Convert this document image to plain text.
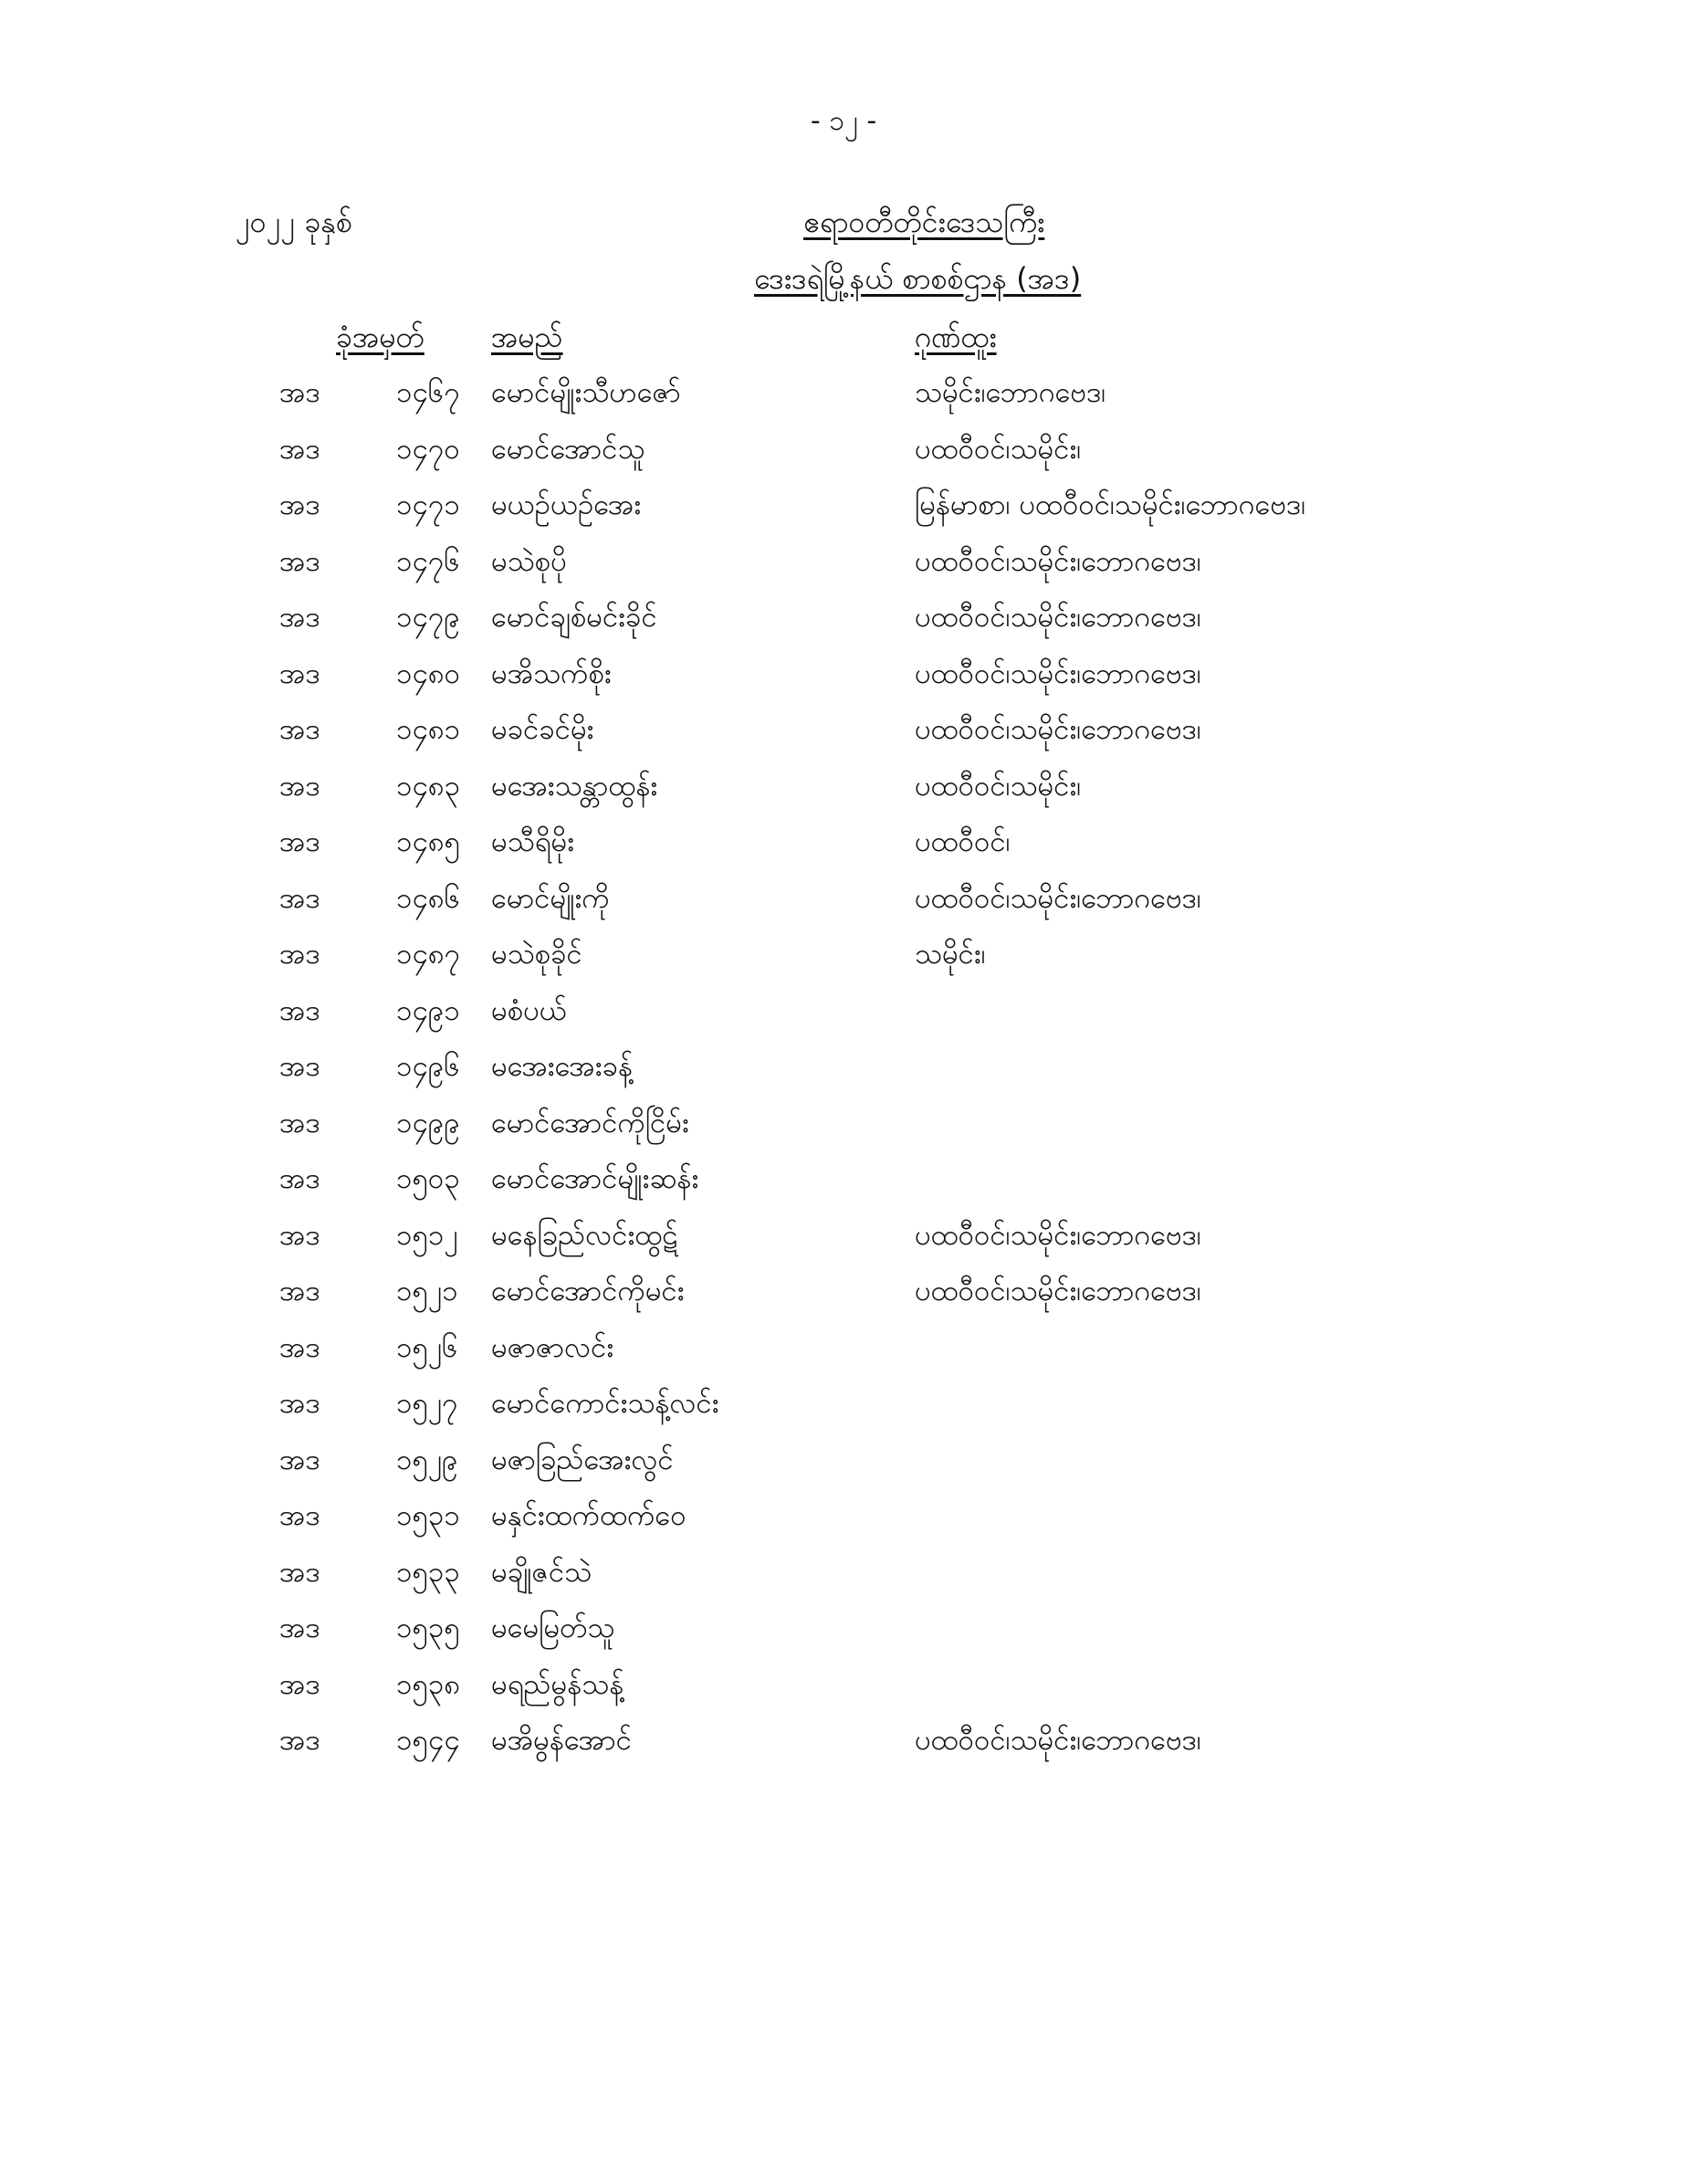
- ၁၂ -
၂၀၂၂ ခုနှစ်	ဧရာဝတီတိုင်းဒေသကြီး
ဒေးဒရဲမြို့နယ် စာစစ်ဌာန (အဒ)
ခုံအမှတ် အမည်	ဂုဏ်ထူး
အဒ	၁၄၆၇ မောင်မျိုးသီဟဇော်	သမိုင်း၊ဘောဂဗေဒ၊
အဒ	၁၄၇၀ မောင်အောင်သူ	ပထဝီဝင်၊သမိုင်း၊
အဒ	၁၄၇၁ မယဉ်ယဉ်အေး	မြန်မာစာ၊ ပထဝီဝင်၊သမိုင်း၊ဘောဂဗေဒ၊
အဒ	၁၄၇၆ မသဲစုပို	ပထဝီဝင်၊သမိုင်း၊ဘောဂဗေဒ၊
အဒ	၁၄၇၉ မောင်ချစ်မင်းခိုင်	ပထဝီဝင်၊သမိုင်း၊ဘောဂဗေဒ၊
အဒ	၁၄၈၀ မအိသက်စိုး	ပထဝီဝင်၊သမိုင်း၊ဘောဂဗေဒ၊
အဒ	၁၄၈၁ မခင်ခင်မိုး	ပထဝီဝင်၊သမိုင်း၊ဘောဂဗေဒ၊
အဒ	၁၄၈၃ မအေးသန္တာထွန်း	ပထဝီဝင်၊သမိုင်း၊
အဒ	၁၄၈၅ မသီရိမိုး	ပထဝီဝင်၊
အဒ	၁၄၈၆ မောင်မျိုးကို	ပထဝီဝင်၊သမိုင်း၊ဘောဂဗေဒ၊
အဒ	၁၄၈၇ မသဲစုခိုင်	သမိုင်း၊
အဒ	၁၄၉၁ မစံပယ်
အဒ	၁၄၉၆ မအေးအေးခန့်
အဒ	၁၄၉၉ မောင်အောင်ကိုငြိမ်း
အဒ	၁၅၀၃ မောင်အောင်မျိုးဆန်း
အဒ	၁၅၁၂ မနေခြည်လင်းထွဋ်	ပထဝီဝင်၊သမိုင်း၊ဘောဂဗေဒ၊
အဒ	၁၅၂၁ မောင်အောင်ကိုမင်း	ပထဝီဝင်၊သမိုင်း၊ဘောဂဗေဒ၊
အဒ	၁၅၂၆ မဇာဇာလင်း
အဒ	၁၅၂၇ မောင်ကောင်းသန့်လင်း
အဒ	၁၅၂၉ မဇာခြည်အေးလွင်
အဒ	၁၅၃၁ မနှင်းထက်ထက်ဝေ
အဒ	၁၅၃၃ မချိုဇင်သဲ
အဒ	၁၅၃၅ မမေမြတ်သူ
အဒ	၁၅၃၈ မရည်မွန်သန့်
အဒ	၁၅၄၄ မအိမွန်အောင်	ပထဝီဝင်၊သမိုင်း၊ဘောဂဗေဒ၊
